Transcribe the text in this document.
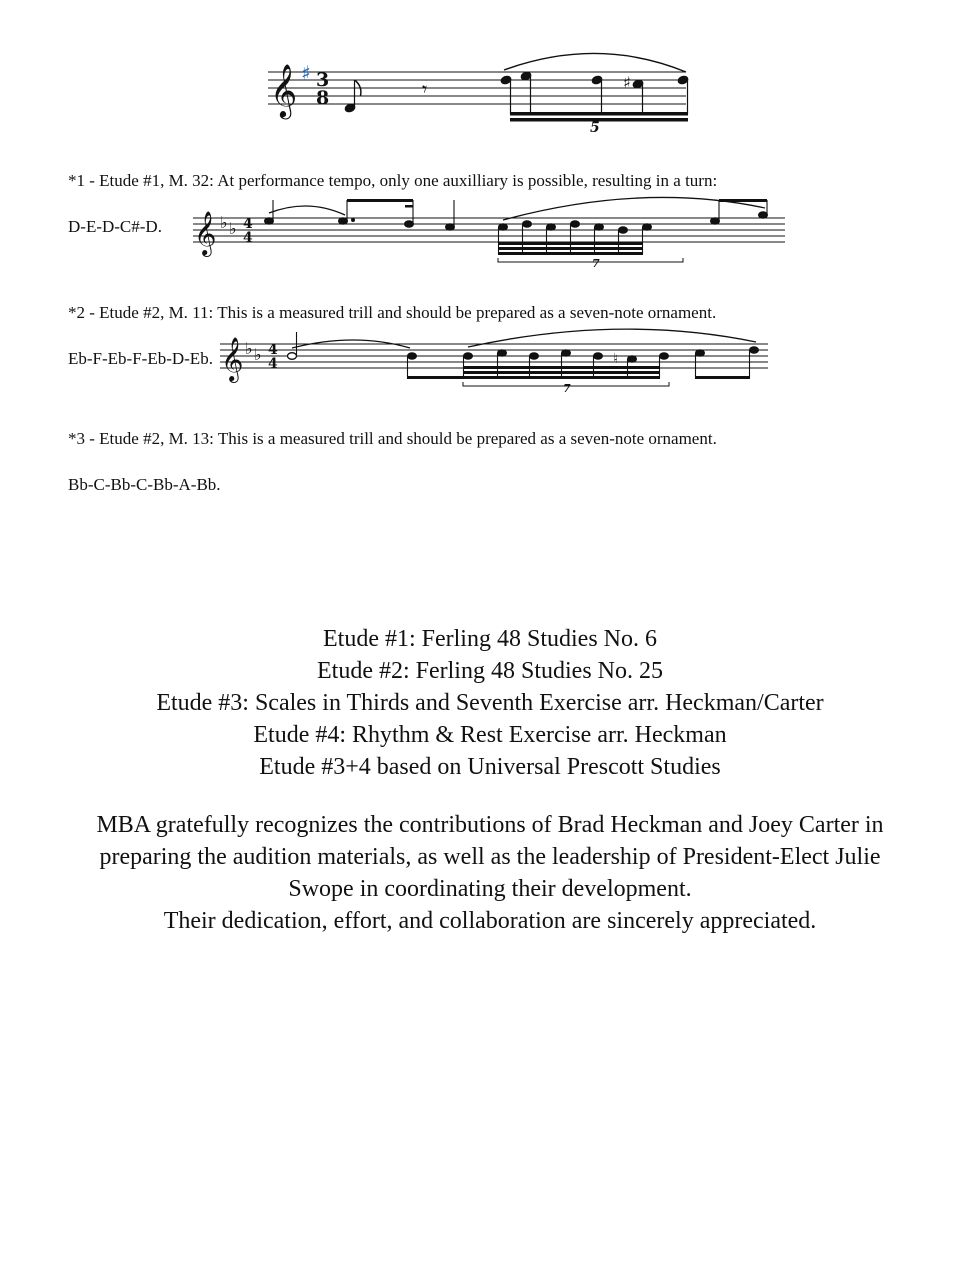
𝄞 ♯ 3
8	𝄾	♯
5

*1 - Etude #1, M. 32: At performance tempo, only one auxilliary is possible, resulting in a turn:

D-E-D-C#-D. 𝄞 ♭ ♭ 4
4
7

*2 - Etude #2, M. 11: This is a measured trill and should be prepared as a seven-note ornament.

Eb-F-Eb-F-Eb-D-Eb. 𝄞 ♭ ♭ 4
4	♮
7

*3 - Etude #2, M. 13: This is a measured trill and should be prepared as a seven-note ornament.

Bb-C-Bb-C-Bb-A-Bb.

Etude #1: Ferling 48 Studies No. 6
Etude #2: Ferling 48 Studies No. 25
Etude #3: Scales in Thirds and Seventh Exercise arr. Heckman/Carter
Etude #4: Rhythm & Rest Exercise arr. Heckman
Etude #3+4 based on Universal Prescott Studies

MBA gratefully recognizes the contributions of Brad Heckman and Joey Carter in preparing the audition materials, as well as the leadership of President-Elect Julie Swope in coordinating their development.

Their dedication, effort, and collaboration are sincerely appreciated.
